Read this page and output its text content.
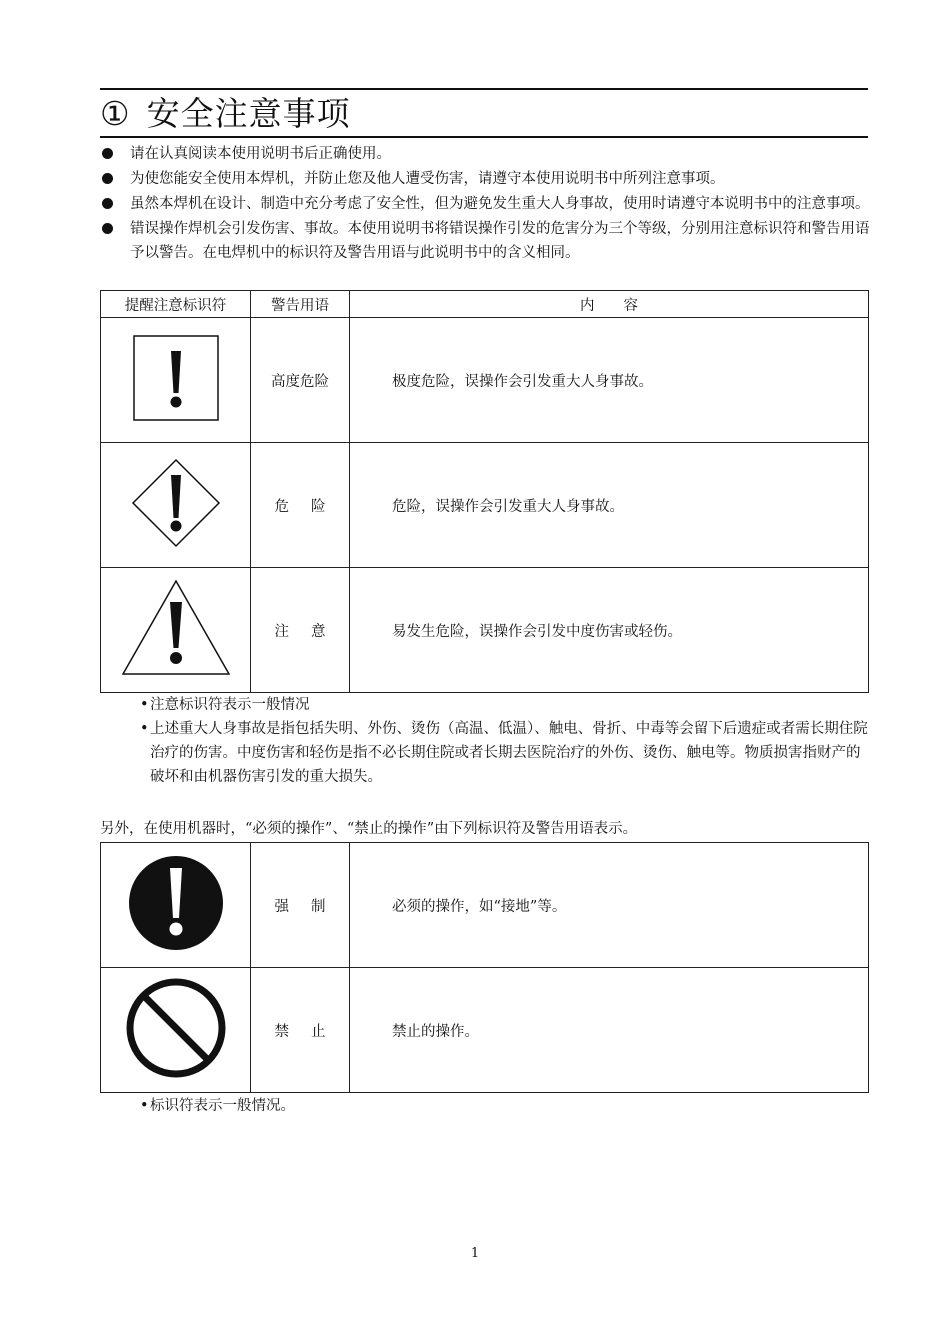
① 安全注意事项
请在认真阅读本使用说明书后正确使用。
为使您能安全使用本焊机，并防止您及他人遭受伤害，请遵守本使用说明书中所列注意事项。
虽然本焊机在设计、制造中充分考虑了安全性，但为避免发生重大人身事故，使用时请遵守本说明书中的注意事项。
错误操作焊机会引发伤害、事故。本使用说明书将错误操作引发的危害分为三个等级，分别用注意标识符和警告用语予以警告。在电焊机中的标识符及警告用语与此说明书中的含义相同。
提醒注意标识符	警告用语	内　　容
	高度危险	极度危险，误操作会引发重大人身事故。
	危 险	危险，误操作会引发重大人身事故。
	注 意	易发生危险，误操作会引发中度伤害或轻伤。
• 注意标识符表示一般情况
• 上述重大人身事故是指包括失明、外伤、烫伤（高温、低温）、触电、骨折、中毒等会留下后遗症或者需长期住院治疗的伤害。中度伤害和轻伤是指不必长期住院或者长期去医院治疗的外伤、烫伤、触电等。物质损害指财产的破坏和由机器伤害引发的重大损失。
另外，在使用机器时，“必须的操作”、“禁止的操作”由下列标识符及警告用语表示。
	强 制	必须的操作，如“接地”等。
	禁 止	禁止的操作。
• 标识符表示一般情况。
1
